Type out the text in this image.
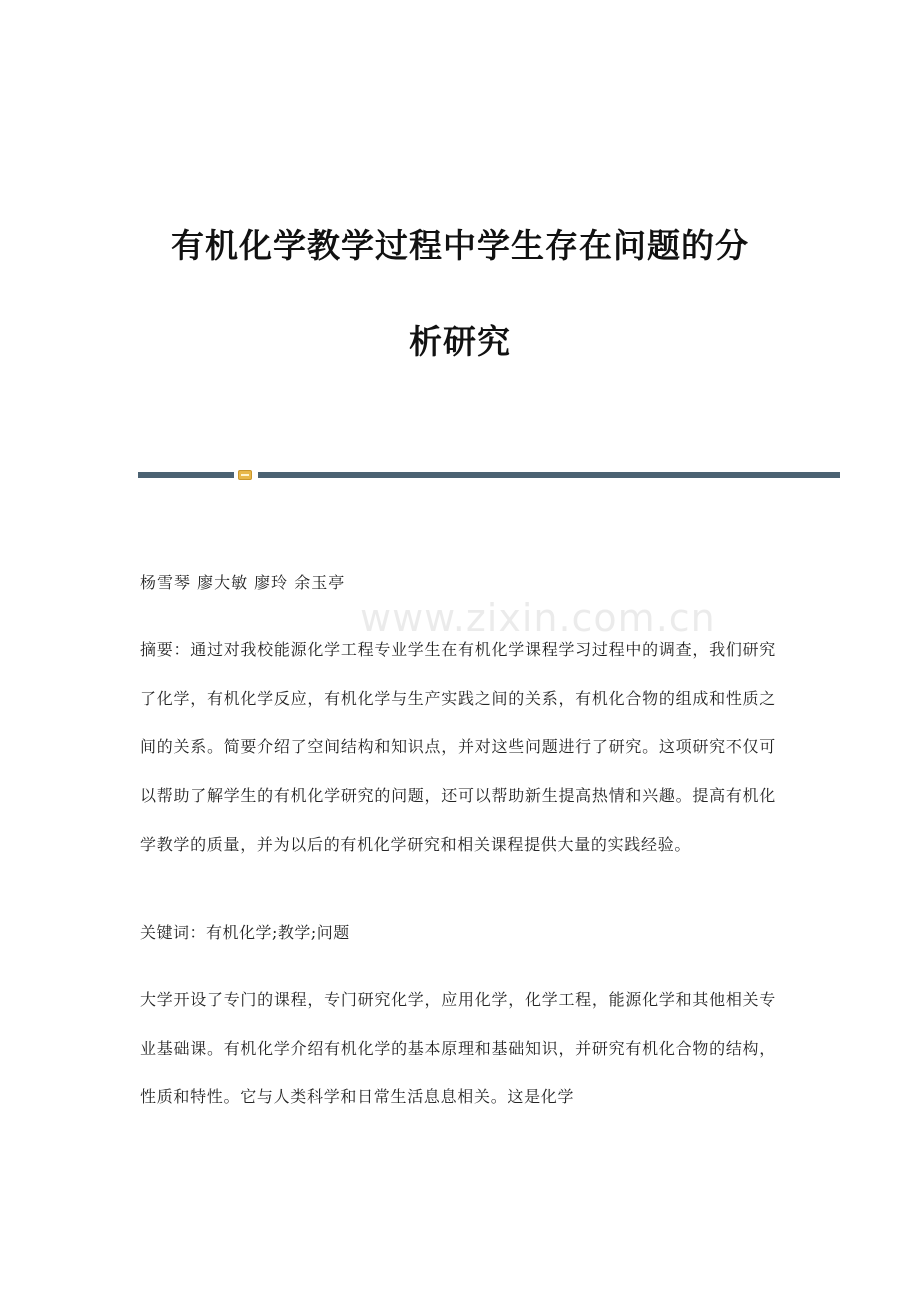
有机化学教学过程中学生存在问题的分
析研究
www.zixin.com.cn
杨雪琴 廖大敏 廖玲 余玉亭
摘要：通过对我校能源化学工程专业学生在有机化学课程学习过程中的调查，我们研究了化学，有机化学反应，有机化学与生产实践之间的关系，有机化合物的组成和性质之间的关系。简要介绍了空间结构和知识点，并对这些问题进行了研究。这项研究不仅可以帮助了解学生的有机化学研究的问题，还可以帮助新生提高热情和兴趣。提高有机化学教学的质量，并为以后的有机化学研究和相关课程提供大量的实践经验。
关键词：有机化学;教学;问题
大学开设了专门的课程，专门研究化学，应用化学，化学工程，能源化学和其他相关专业基础课。有机化学介绍有机化学的基本原理和基础知识，并研究有机化合物的结构，性质和特性。它与人类科学和日常生活息息相关。这是化学
